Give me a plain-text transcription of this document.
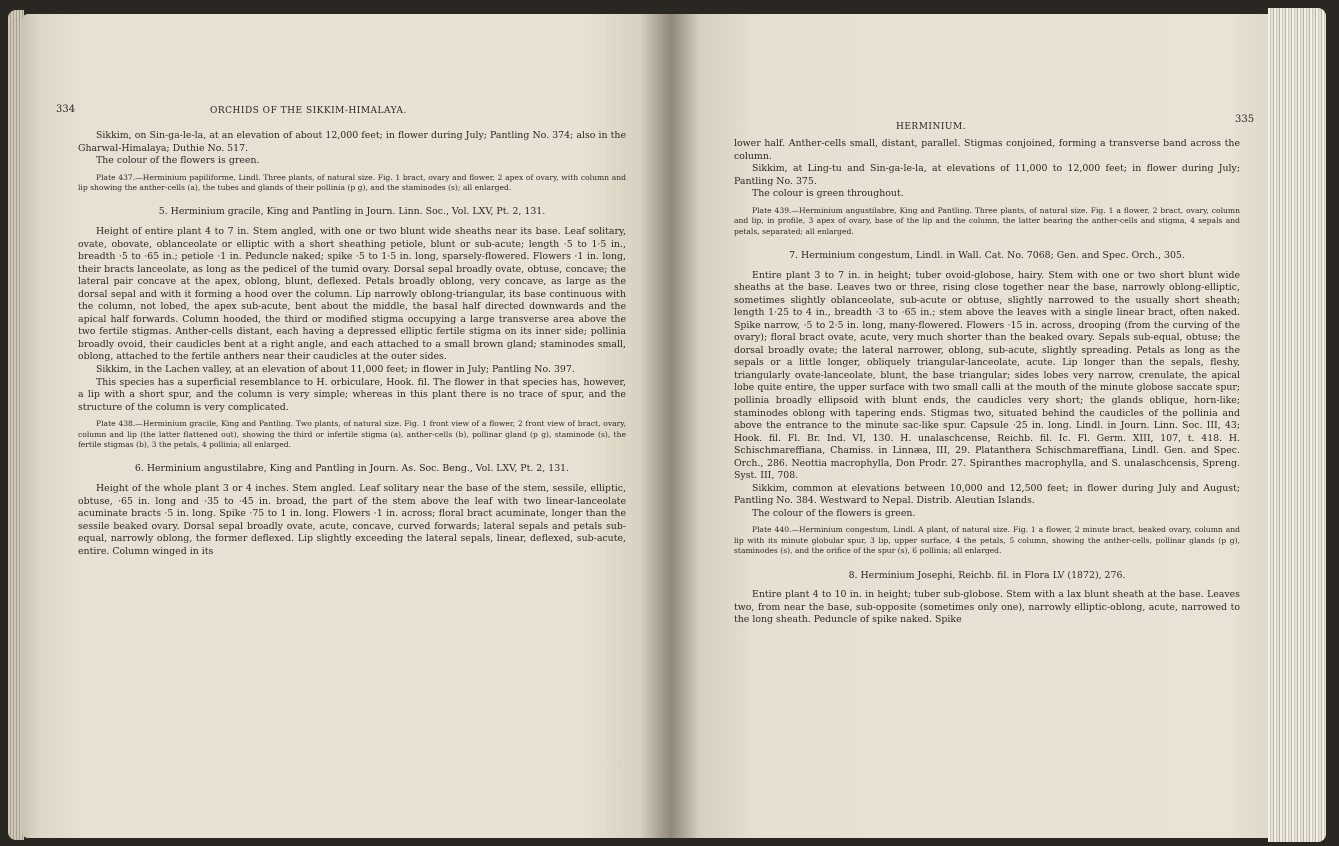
334	ORCHIDS OF THE SIKKIM-HIMALAYA.

Sikkim, on Sin-ga-le-la, at an elevation of about 12,000 feet; in flower during July; Pantling No. 374; also in the Gharwal-Himalaya; Duthie No. 517.

The colour of the flowers is green.

Plate 437.—Herminium papiliforme, Lindl. Three plants, of natural size. Fig. 1 bract, ovary and flower, 2 apex of ovary, with column and lip showing the anther-cells (a), the tubes and glands of their pollinia (p g), and the staminodes (s); all enlarged.

5. Herminium gracile, King and Pantling in Journ. Linn. Soc., Vol. LXV, Pt. 2, 131.

Height of entire plant 4 to 7 in. Stem angled, with one or two blunt wide sheaths near its base. Leaf solitary, ovate, obovate, oblanceolate or elliptic with a short sheathing petiole, blunt or sub-acute; length ·5 to 1·5 in., breadth ·5 to ·65 in.; petiole ·1 in. Peduncle naked; spike ·5 to 1·5 in. long, sparsely-flowered. Flowers ·1 in. long, their bracts lanceolate, as long as the pedicel of the tumid ovary. Dorsal sepal broadly ovate, obtuse, concave; the lateral pair concave at the apex, oblong, blunt, deflexed. Petals broadly oblong, very concave, as large as the dorsal sepal and with it forming a hood over the column. Lip narrowly oblong-triangular, its base continuous with the column, not lobed, the apex sub-acute, bent about the middle, the basal half directed downwards and the apical half forwards. Column hooded, the third or modified stigma occupying a large transverse area above the two fertile stigmas. Anther-cells distant, each having a depressed elliptic fertile stigma on its inner side; pollinia broadly ovoid, their caudicles bent at a right angle, and each attached to a small brown gland; staminodes small, oblong, attached to the fertile anthers near their caudicles at the outer sides.

Sikkim, in the Lachen valley, at an elevation of about 11,000 feet; in flower in July; Pantling No. 397.

This species has a superficial resemblance to H. orbiculare, Hook. fil. The flower in that species has, however, a lip with a short spur, and the column is very simple; whereas in this plant there is no trace of spur, and the structure of the column is very complicated.

Plate 438.—Herminium gracile, King and Pantling. Two plants, of natural size. Fig. 1 front view of a flower, 2 front view of bract, ovary, column and lip (the latter flattened out), showing the third or infertile stigma (a), anther-cells (b), pollinar gland (p g), staminode (s), the fertile stigmas (b), 3 the petals, 4 pollinia; all enlarged.

6. Herminium angustilabre, King and Pantling in Journ. As. Soc. Beng., Vol. LXV, Pt. 2, 131.

Height of the whole plant 3 or 4 inches. Stem angled. Leaf solitary near the base of the stem, sessile, elliptic, obtuse, ·65 in. long and ·35 to ·45 in. broad, the part of the stem above the leaf with two linear-lanceolate acuminate bracts ·5 in. long. Spike ·75 to 1 in. long. Flowers ·1 in. across; floral bract acuminate, longer than the sessile beaked ovary. Dorsal sepal broadly ovate, acute, concave, curved forwards; lateral sepals and petals sub-equal, narrowly oblong, the former deflexed. Lip slightly exceeding the lateral sepals, linear, deflexed, sub-acute, entire. Column winged in its

HERMINIUM.
335

lower half. Anther-cells small, distant, parallel. Stigmas conjoined, forming a transverse band across the column.

Sikkim, at Ling-tu and Sin-ga-le-la, at elevations of 11,000 to 12,000 feet; in flower during July; Pantling No. 375.

The colour is green throughout.

Plate 439.—Herminium angustilabre, King and Pantling. Three plants, of natural size. Fig. 1 a flower, 2 bract, ovary, column and lip, in profile, 3 apex of ovary, base of the lip and the column, the latter bearing the anther-cells and stigma, 4 sepals and petals, separated; all enlarged.

7. Herminium congestum, Lindl. in Wall. Cat. No. 7068; Gen. and Spec. Orch., 305.

Entire plant 3 to 7 in. in height; tuber ovoid-globose, hairy. Stem with one or two short blunt wide sheaths at the base. Leaves two or three, rising close together near the base, narrowly oblong-elliptic, sometimes slightly oblanceolate, sub-acute or obtuse, slightly narrowed to the usually short sheath; length 1·25 to 4 in., breadth ·3 to ·65 in.; stem above the leaves with a single linear bract, often naked. Spike narrow, ·5 to 2·5 in. long, many-flowered. Flowers ·15 in. across, drooping (from the curving of the ovary); floral bract ovate, acute, very much shorter than the beaked ovary. Sepals sub-equal, obtuse; the dorsal broadly ovate; the lateral narrower, oblong, sub-acute, slightly spreading. Petals as long as the sepals or a little longer, obliquely triangular-lanceolate, acute. Lip longer than the sepals, fleshy, triangularly ovate-lanceolate, blunt, the base triangular; sides lobes very narrow, crenulate, the apical lobe quite entire, the upper surface with two small calli at the mouth of the minute globose saccate spur; pollinia broadly ellipsoid with blunt ends, the caudicles very short; the glands oblique, horn-like; staminodes oblong with tapering ends. Stigmas two, situated behind the caudicles of the pollinia and above the entrance to the minute sac-like spur. Capsule ·25 in. long. Lindl. in Journ. Linn. Soc. III, 43; Hook. fil. Fl. Br. Ind. VI, 130. H. unalaschcense, Reichb. fil. Ic. Fl. Germ. XIII, 107, t. 418. H. Schischmareffiana, Chamiss. in Linnæa, III, 29. Platanthera Schischmareffiana, Lindl. Gen. and Spec. Orch., 286. Neottia macrophylla, Don Prodr. 27. Spiranthes macrophylla, and S. unalaschcensis, Spreng. Syst. III, 708.

Sikkim, common at elevations between 10,000 and 12,500 feet; in flower during July and August; Pantling No. 384. Westward to Nepal. Distrib. Aleutian Islands.

The colour of the flowers is green.

Plate 440.—Herminium congestum, Lindl. A plant, of natural size. Fig. 1 a flower, 2 minute bract, beaked ovary, column and lip with its minute globular spur, 3 lip, upper surface, 4 the petals, 5 column, showing the anther-cells, pollinar glands (p g), staminodes (s), and the orifice of the spur (s), 6 pollinia; all enlarged.

8. Herminium Josephi, Reichb. fil. in Flora LV (1872), 276.

Entire plant 4 to 10 in. in height; tuber sub-globose. Stem with a lax blunt sheath at the base. Leaves two, from near the base, sub-opposite (sometimes only one), narrowly elliptic-oblong, acute, narrowed to the long sheath. Peduncle of spike naked. Spike
